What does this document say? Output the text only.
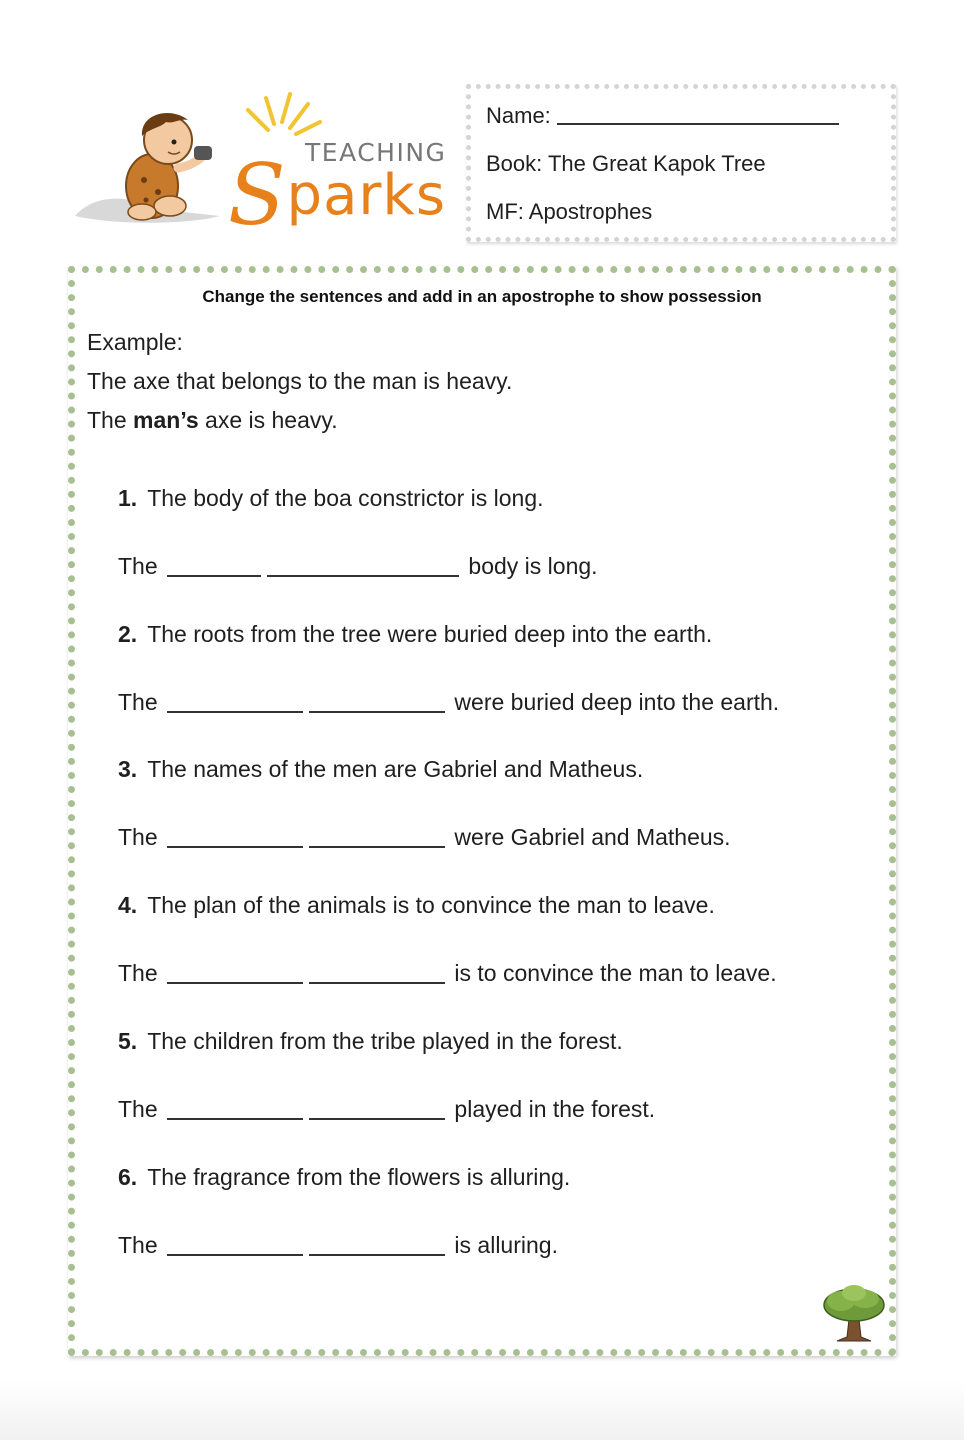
TEACHING
Sparks
Name:
Book: The Great Kapok Tree
MF: Apostrophes
Change the sentences and add in an apostrophe to show possession
Example:
The axe that belongs to the man is heavy.
The man’s axe is heavy.
1. The body of the boa constrictor is long.
The	body is long.
2. The roots from the tree were buried deep into the earth.
The	were buried deep into the earth.
3. The names of the men are Gabriel and Matheus.
The	were Gabriel and Matheus.
4. The plan of the animals is to convince the man to leave.
The	is to convince the man to leave.
5. The children from the tribe played in the forest.
The	played in the forest.
6. The fragrance from the flowers is alluring.
The	is alluring.
